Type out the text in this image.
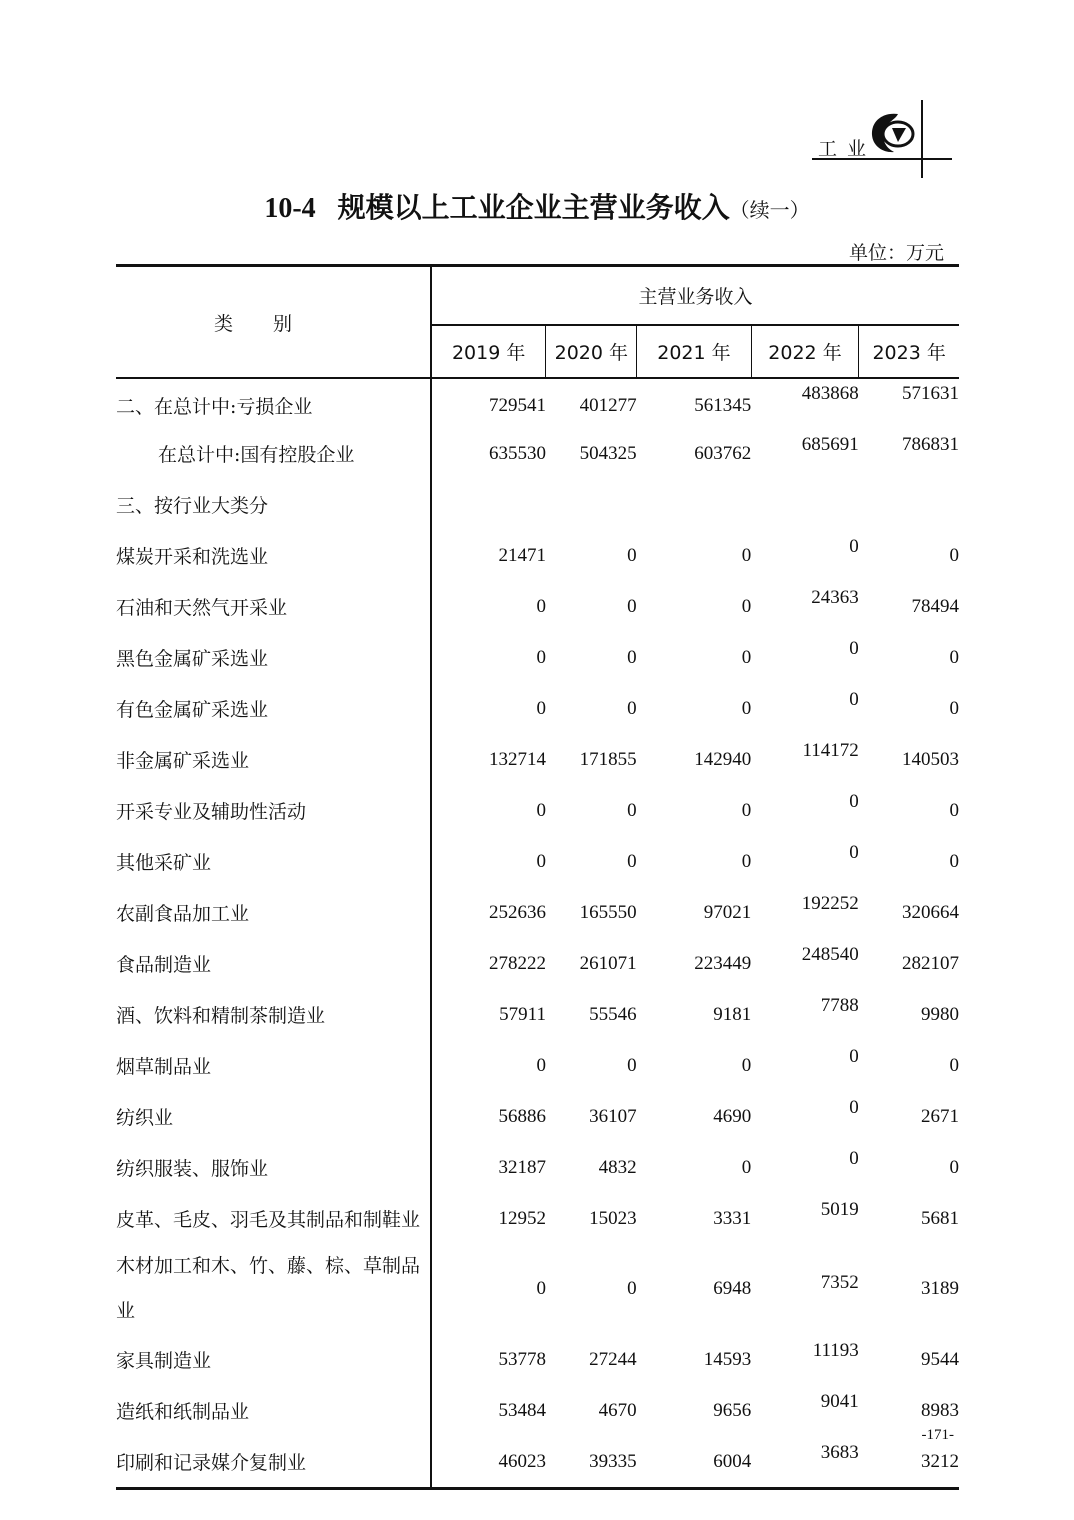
工业
10-4 规模以上工业企业主营业务收入（续一）
单位：万元
类别	主营业务收入				
	2019 年	2020 年	2021 年	2022 年	2023 年
二、在总计中:亏损企业	729541	401277	561345	483868	571631
在总计中:国有控股企业	635530	504325	603762	685691	786831
三、按行业大类分					
煤炭开采和洗选业	21471	0	0	0	0
石油和天然气开采业	0	0	0	24363	78494
黑色金属矿采选业	0	0	0	0	0
有色金属矿采选业	0	0	0	0	0
非金属矿采选业	132714	171855	142940	114172	140503
开采专业及辅助性活动	0	0	0	0	0
其他采矿业	0	0	0	0	0
农副食品加工业	252636	165550	97021	192252	320664
食品制造业	278222	261071	223449	248540	282107
酒、饮料和精制茶制造业	57911	55546	9181	7788	9980
烟草制品业	0	0	0	0	0
纺织业	56886	36107	4690	0	2671
纺织服装、服饰业	32187	4832	0	0	0
皮革、毛皮、羽毛及其制品和制鞋业	12952	15023	3331	5019	5681
木材加工和木、竹、藤、棕、草制品业	0	0	6948	7352	3189
家具制造业	53778	27244	14593	11193	9544
造纸和纸制品业	53484	4670	9656	9041	8983
印刷和记录媒介复制业	46023	39335	6004	3683	3212
-171-
